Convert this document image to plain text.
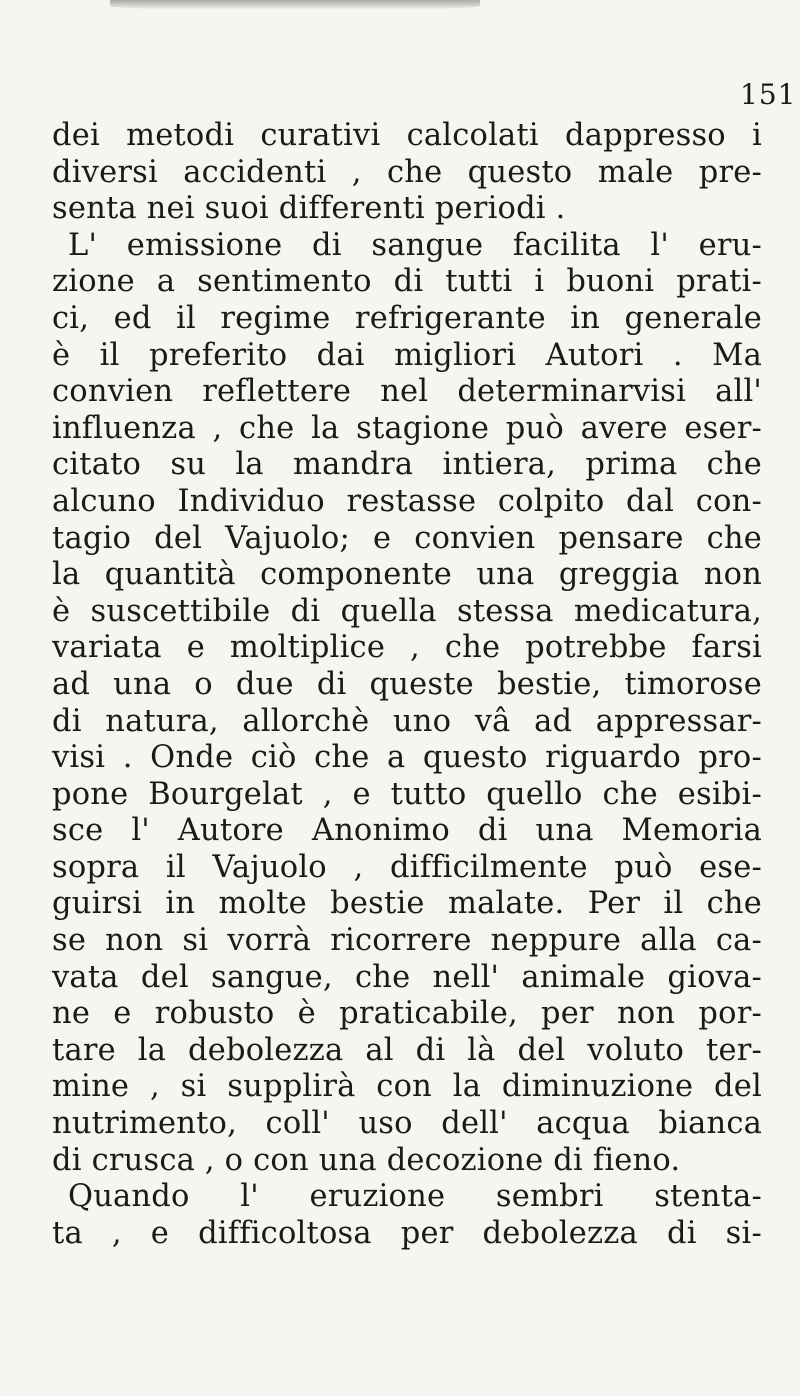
151
dei metodi curativi calcolati dappresso i
diversi accidenti , che questo male pre-
senta nei suoi differenti periodi .
L' emissione di sangue facilita l' eru-
zione a sentimento di tutti i buoni prati-
ci, ed il regime refrigerante in generale
è il preferito dai migliori Autori . Ma
convien reflettere nel determinarvisi all'
influenza , che la stagione può avere eser-
citato su la mandra intiera, prima che
alcuno Individuo restasse colpito dal con-
tagio del Vajuolo; e convien pensare che
la quantità componente una greggia non
è suscettibile di quella stessa medicatura,
variata e moltiplice , che potrebbe farsi
ad una o due di queste bestie, timorose
di natura, allorchè uno vâ ad appressar-
visi . Onde ciò che a questo riguardo pro-
pone Bourgelat , e tutto quello che esibi-
sce l' Autore Anonimo di una Memoria
sopra il Vajuolo , difficilmente può ese-
guirsi in molte bestie malate. Per il che
se non si vorrà ricorrere neppure alla ca-
vata del sangue, che nell' animale giova-
ne e robusto è praticabile, per non por-
tare la debolezza al di là del voluto ter-
mine , si supplirà con la diminuzione del
nutrimento, coll' uso dell' acqua bianca
di crusca , o con una decozione di fieno.
Quando l' eruzione sembri stenta-
ta , e difficoltosa per debolezza di si-
